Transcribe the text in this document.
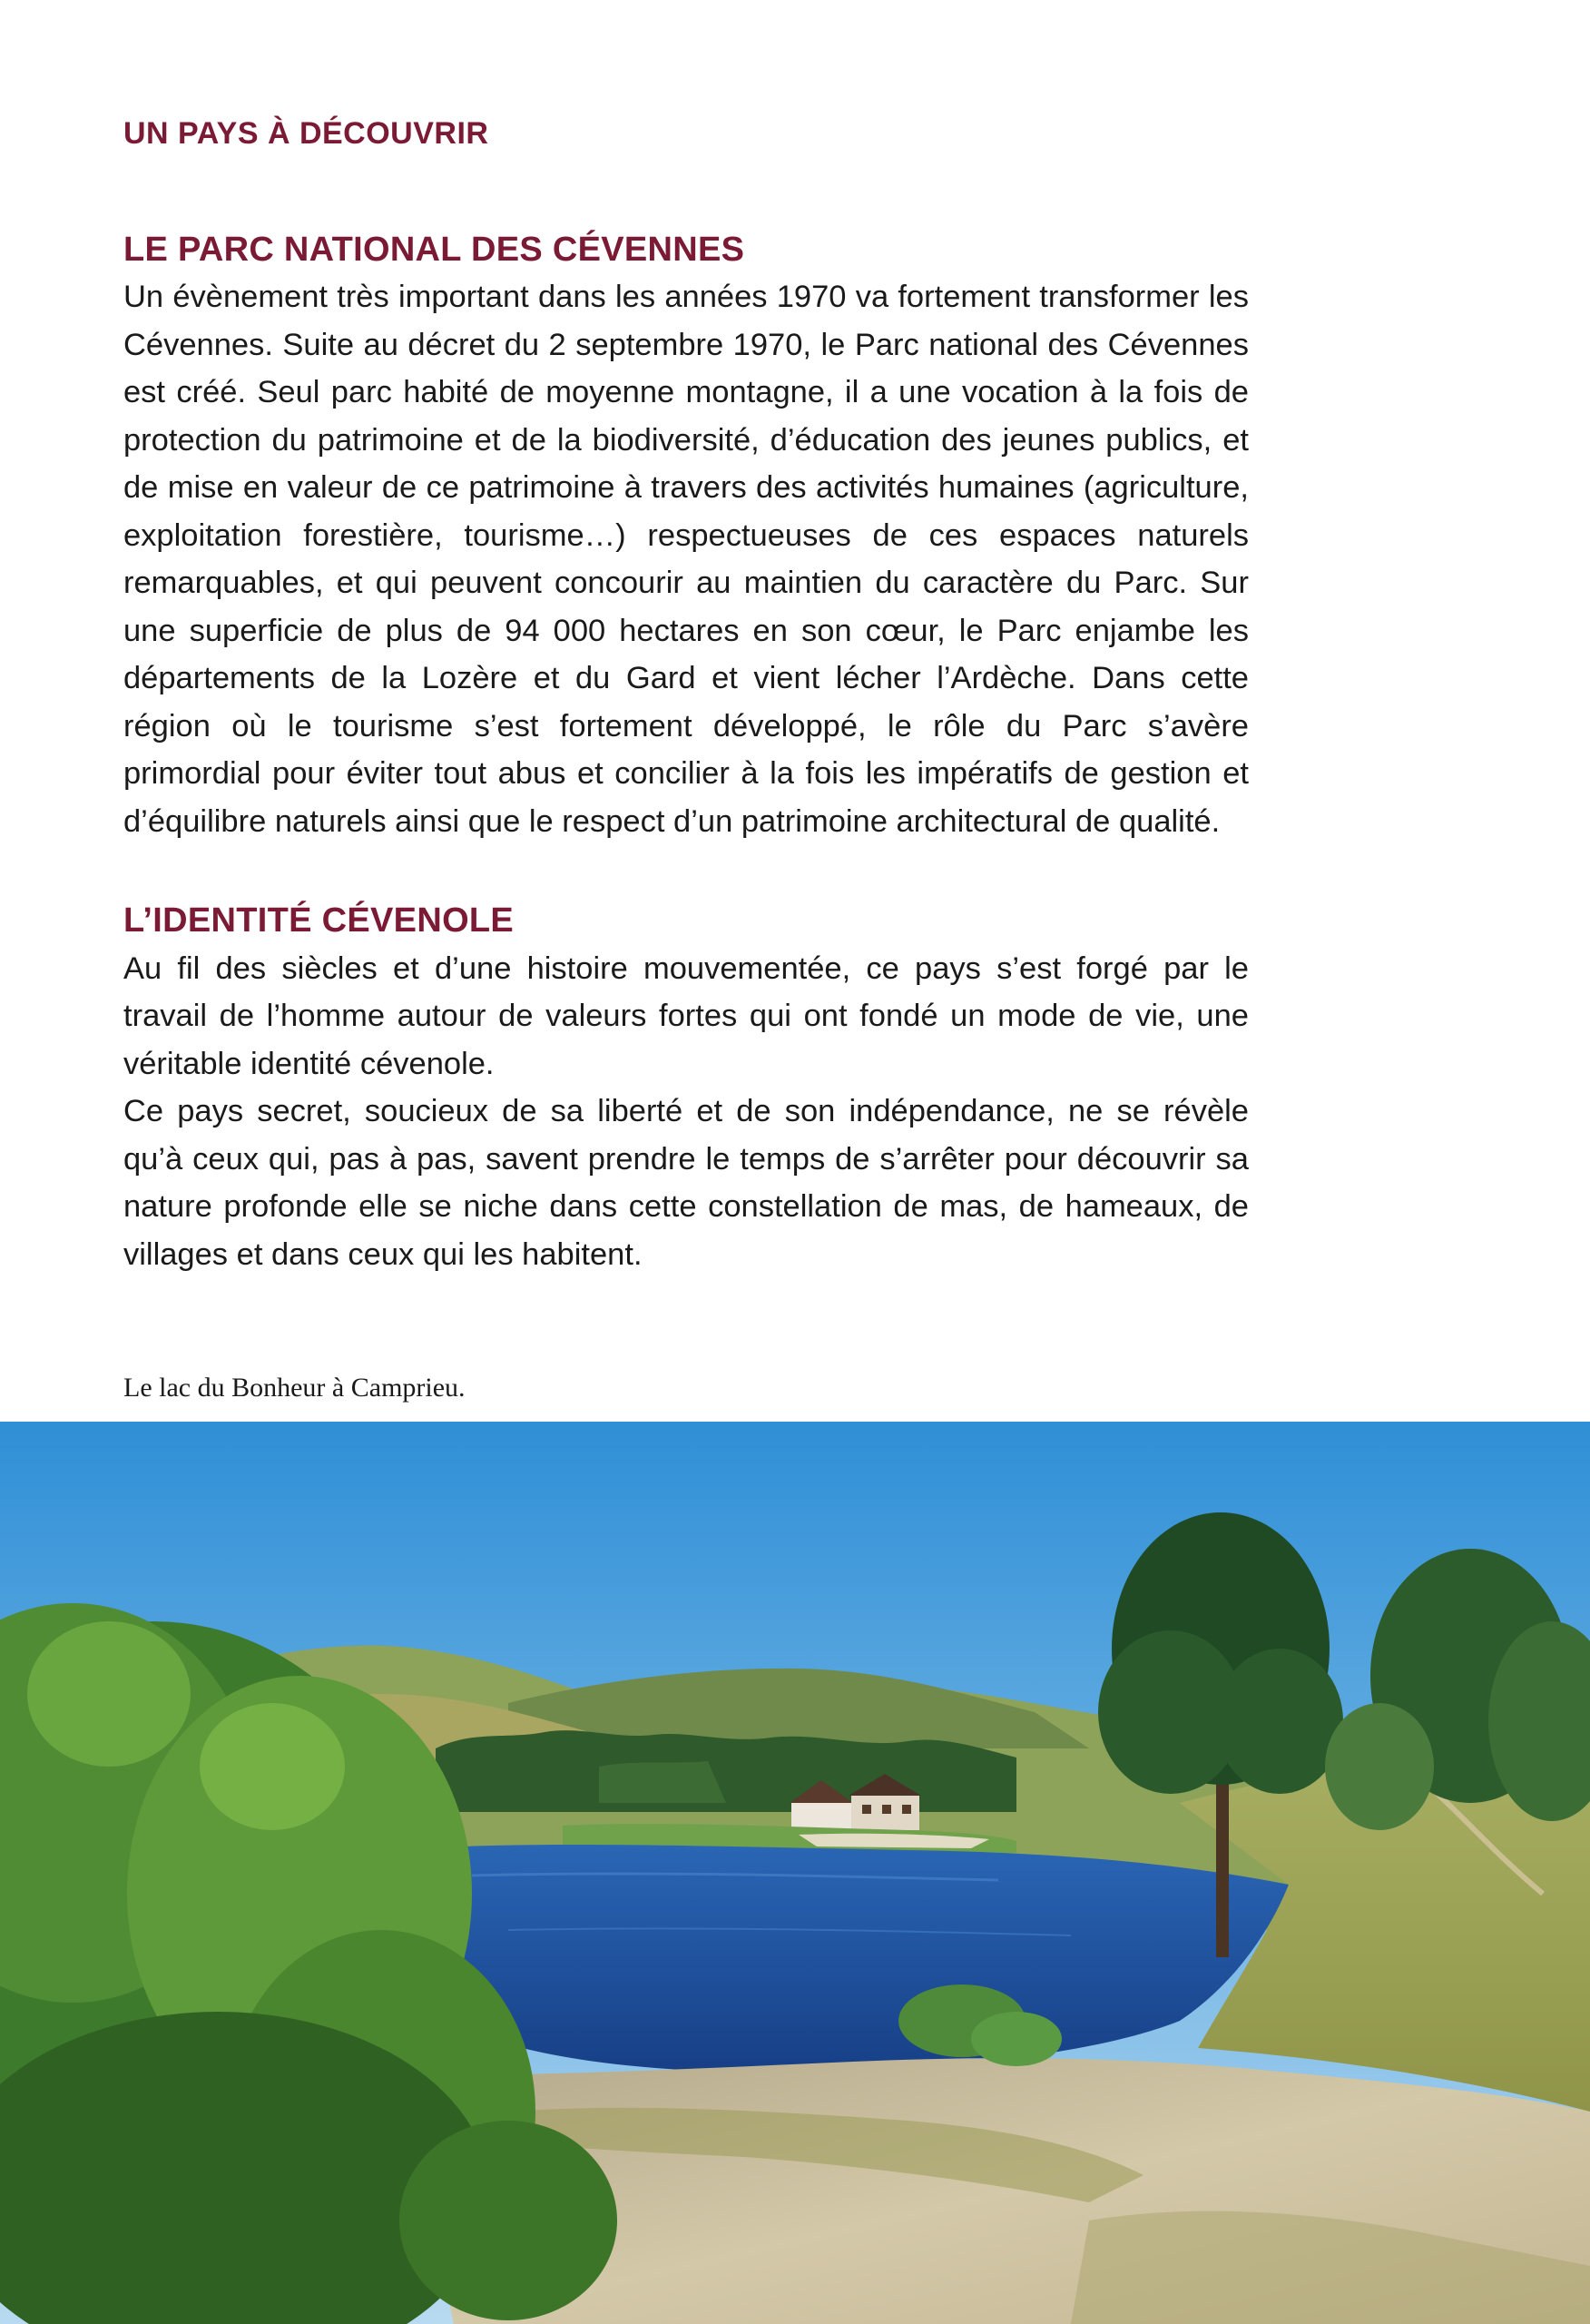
UN PAYS À DÉCOUVRIR

LE PARC NATIONAL DES CÉVENNES

Un évènement très important dans les années 1970 va fortement transformer les Cévennes. Suite au décret du 2 septembre 1970, le Parc national des Cévennes est créé. Seul parc habité de moyenne montagne, il a une vocation à la fois de protection du patrimoine et de la biodiversité, d’éducation des jeunes publics, et de mise en valeur de ce patrimoine à travers des activités humaines (agriculture, exploitation forestière, tourisme…) respectueuses de ces espaces naturels remarquables, et qui peuvent concourir au maintien du caractère du Parc. Sur une superficie de plus de 94 000 hectares en son cœur, le Parc enjambe les départements de la Lozère et du Gard et vient lécher l’Ardèche. Dans cette région où le tourisme s’est fortement développé, le rôle du Parc s’avère primordial pour éviter tout abus et concilier à la fois les impératifs de gestion et d’équilibre naturels ainsi que le respect d’un patrimoine architectural de qualité.

L’IDENTITÉ CÉVENOLE

Au fil des siècles et d’une histoire mouvementée, ce pays s’est forgé par le travail de l’homme autour de valeurs fortes qui ont fondé un mode de vie, une véritable identité cévenole.

Ce pays secret, soucieux de sa liberté et de son indépendance, ne se révèle qu’à ceux qui, pas à pas, savent prendre le temps de s’arrêter pour découvrir sa nature profonde elle se niche dans cette constellation de mas, de hameaux, de villages et dans ceux qui les habitent.

Le lac du Bonheur à Camprieu.
